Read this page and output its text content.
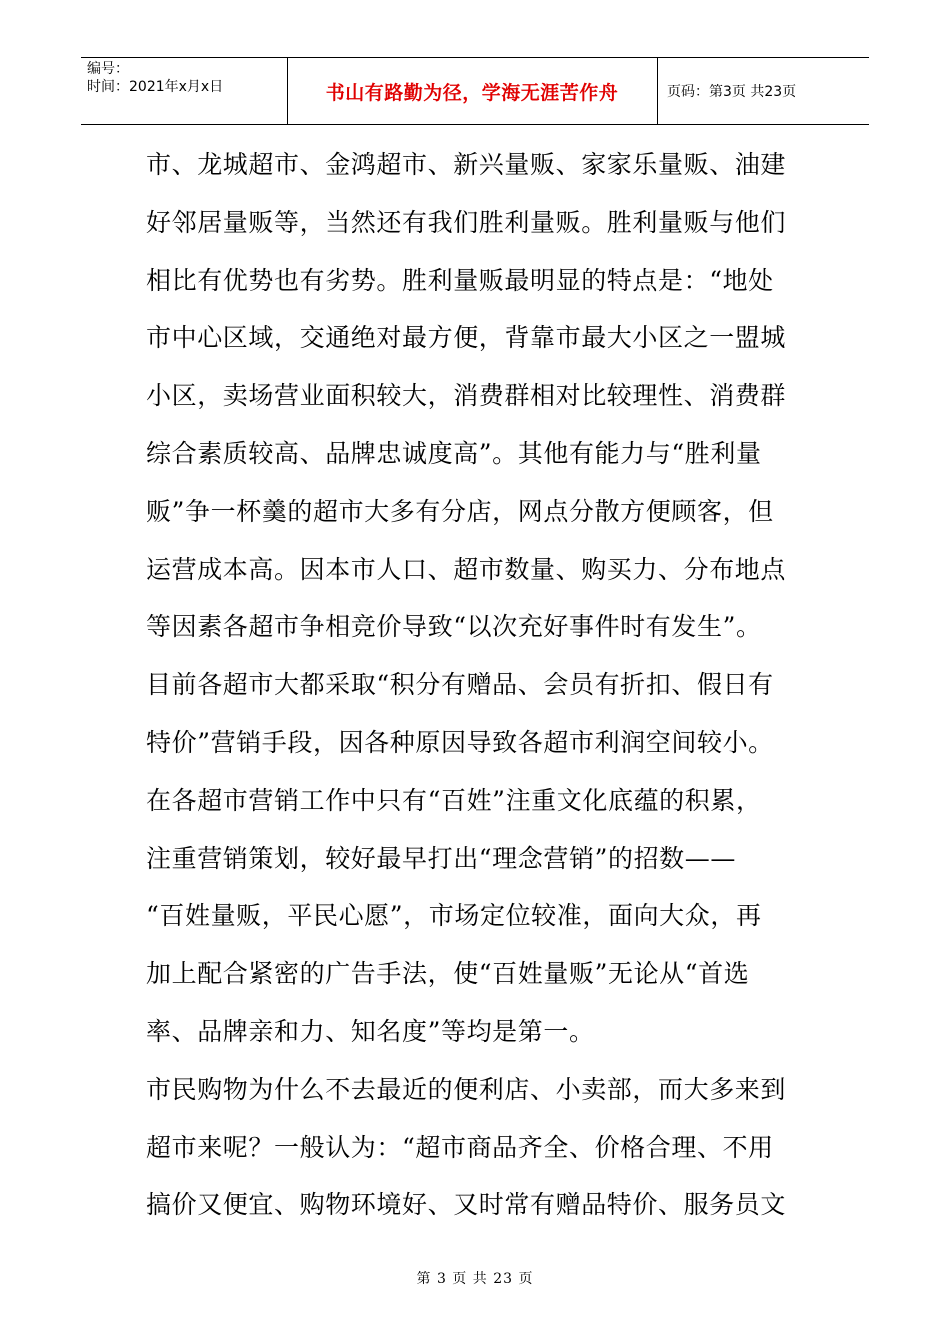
编号：
时间：2021年x月x日	书山有路勤为径，学海无涯苦作舟	页码：第3页 共23页
市、龙城超市、金鸿超市、新兴量贩、家家乐量贩、油建
好邻居量贩等，当然还有我们胜利量贩。胜利量贩与他们
相比有优势也有劣势。胜利量贩最明显的特点是：“地处
市中心区域，交通绝对最方便，背靠市最大小区之一盟城
小区，卖场营业面积较大，消费群相对比较理性、消费群
综合素质较高、品牌忠诚度高”。其他有能力与“胜利量
贩”争一杯羹的超市大多有分店，网点分散方便顾客，但
运营成本高。因本市人口、超市数量、购买力、分布地点
等因素各超市争相竞价导致“以次充好事件时有发生”。
目前各超市大都采取“积分有赠品、会员有折扣、假日有
特价”营销手段，因各种原因导致各超市利润空间较小。
在各超市营销工作中只有“百姓”注重文化底蕴的积累，
注重营销策划，较好最早打出“理念营销”的招数——
“百姓量贩，平民心愿”，市场定位较准，面向大众，再
加上配合紧密的广告手法，使“百姓量贩”无论从“首选
率、品牌亲和力、知名度”等均是第一。
市民购物为什么不去最近的便利店、小卖部，而大多来到
超市来呢？一般认为：“超市商品齐全、价格合理、不用
搞价又便宜、购物环境好、又时常有赠品特价、服务员文
第 3 页 共 23 页
